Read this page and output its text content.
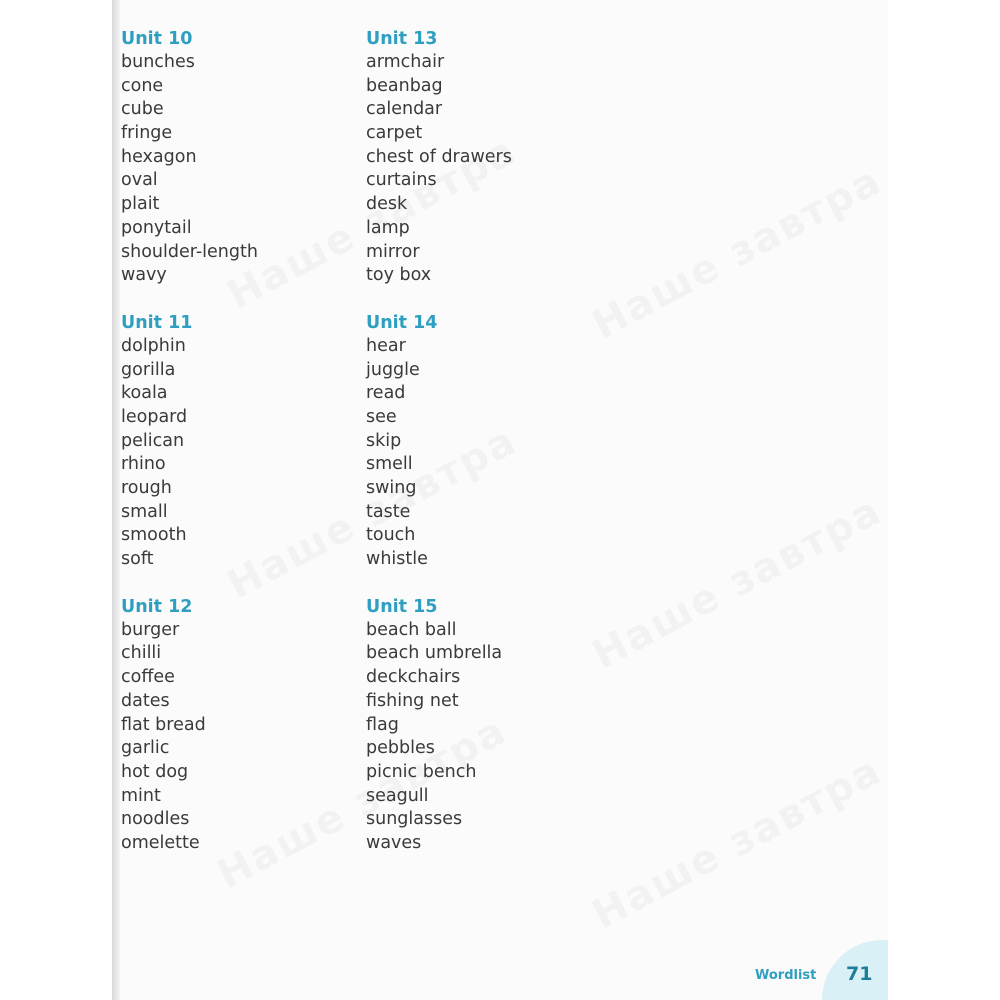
Unit 10
bunches
cone
cube
fringe
hexagon
oval
plait
ponytail
shoulder-length
wavy
Unit 11
dolphin
gorilla
koala
leopard
pelican
rhino
rough
small
smooth
soft
Unit 12
burger
chilli
coffee
dates
flat bread
garlic
hot dog
mint
noodles
omelette
Unit 13
armchair
beanbag
calendar
carpet
chest of drawers
curtains
desk
lamp
mirror
toy box
Unit 14
hear
juggle
read
see
skip
smell
swing
taste
touch
whistle
Unit 15
beach ball
beach umbrella
deckchairs
fishing net
flag
pebbles
picnic bench
seagull
sunglasses
waves
Wordlist 71
